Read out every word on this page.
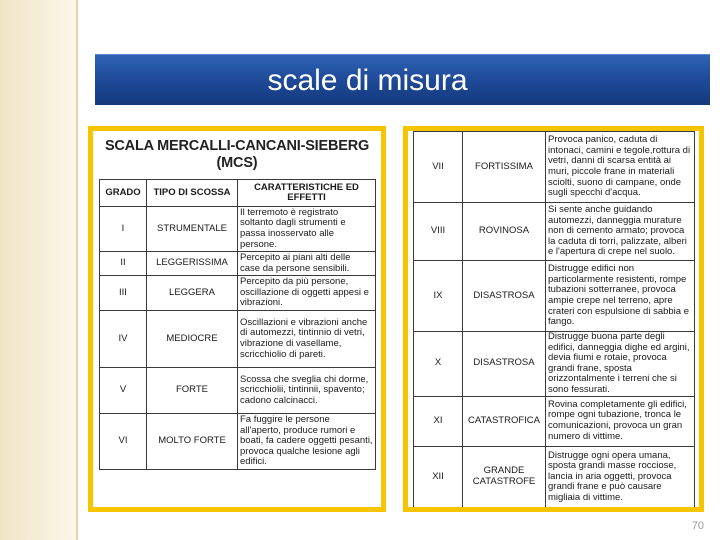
scale di misura
SCALA MERCALLI-CANCANI-SIEBERG
(MCS)
GRADO	TIPO DI SCOSSA	CARATTERISTICHE ED EFFETTI
I	STRUMENTALE	Il terremoto è registrato soltanto dagli strumenti e passa inosservato alle persone.
II	LEGGERISSIMA	Percepito ai piani alti delle case da persone sensibili.
III	LEGGERA	Percepito da più persone, oscillazione di oggetti appesi e vibrazioni.
IV	MEDIOCRE	Oscillazioni e vibrazioni anche di automezzi, tintinnio di vetri, vibrazione di vasellame, scricchiolio di pareti.
V	FORTE	Scossa che sveglia chi dorme, scricchiolii, tintinnii, spavento; cadono calcinacci.
VI	MOLTO FORTE	Fa fuggire le persone all'aperto, produce rumori e boati, fa cadere oggetti pesanti, provoca qualche lesione agli edifici.
VII	FORTISSIMA	Provoca panico, caduta di intonaci, camini e tegole,rottura di vetri, danni di scarsa entità ai muri, piccole frane in materiali sciolti, suono di campane, onde sugli specchi d'acqua.
VIII	ROVINOSA	Si sente anche guidando automezzi, danneggia murature non di cemento armato; provoca la caduta di torri, palizzate, alberi e l'apertura di crepe nel suolo.
IX	DISASTROSA	Distrugge edifici non particolarmente resistenti, rompe tubazioni sotterranee, provoca ampie crepe nel terreno, apre crateri con espulsione di sabbia e fango.
X	DISASTROSA	Distrugge buona parte degli edifici, danneggia dighe ed argini, devia fiumi e rotaie, provoca grandi frane, sposta orizzontalmente i terreni che si sono fessurati.
XI	CATASTROFICA	Rovina completamente gli edifici, rompe ogni tubazione, tronca le comunicazioni, provoca un gran numero di vittime.
XII	GRANDE CATASTROFE	Distrugge ogni opera umana, sposta grandi masse rocciose, lancia in aria oggetti, provoca grandi frane e può causare migliaia di vittime.
70
